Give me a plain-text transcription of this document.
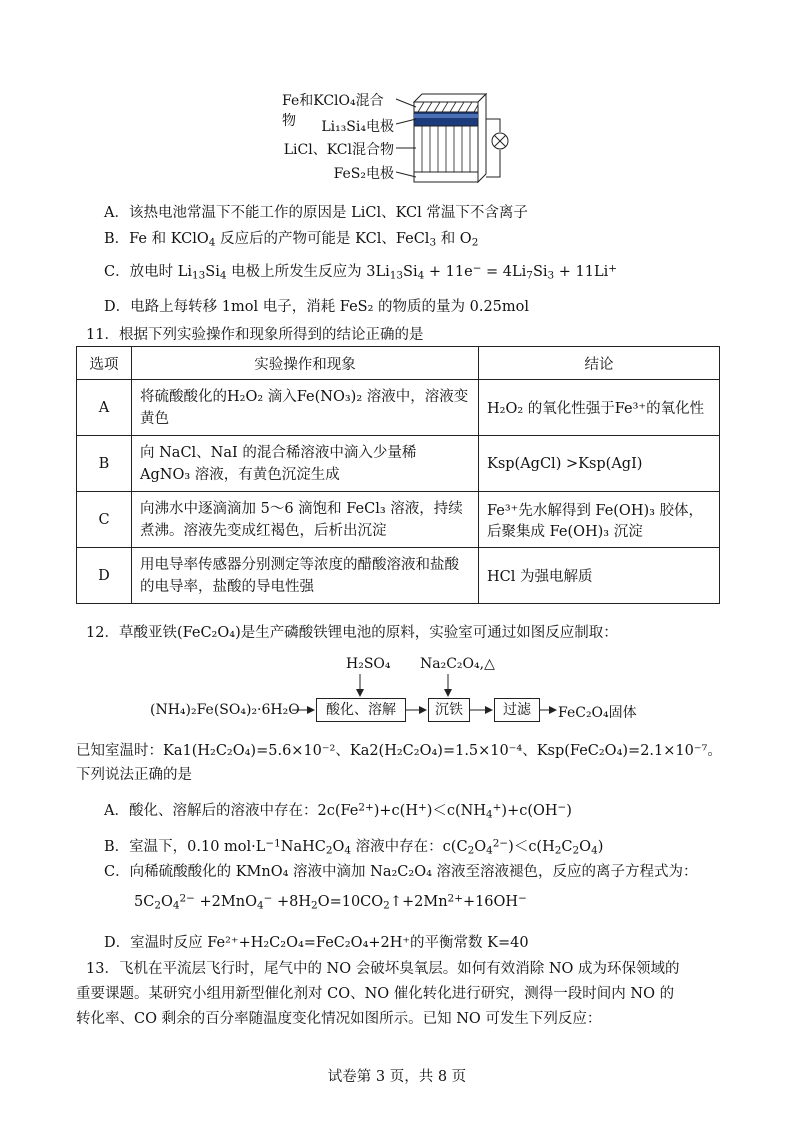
Fe和KClO₄混合物	Li₁₃Si₄电极
LiCl、KCl混合物
FeS₂电极
A．该热电池常温下不能工作的原因是 LiCl、KCl 常温下不含离子
B．Fe 和 KClO$_4$ 反应后的产物可能是 KCl、FeCl$_3$ 和 $O_2$
C．放电时 $Li_{13}Si_4$ 电极上所发生反应为 $3Li_{13}Si_4 + 11e^- = 4Li_7Si_3 + 11Li^+$
D．电路上每转移 1mol 电子，消耗 FeS₂ 的物质的量为 0.25mol
11．根据下列实验操作和现象所得到的结论正确的是
选项	实验操作和现象	结论
A	将硫酸酸化的H₂O₂ 滴入Fe(NO₃)₂ 溶液中，溶液变黄色	H₂O₂ 的氧化性强于Fe³⁺的氧化性
B	向 NaCl、NaI 的混合稀溶液中滴入少量稀 AgNO₃ 溶液，有黄色沉淀生成	Ksp(AgCl) >Ksp(AgI)
C	向沸水中逐滴滴加 5～6 滴饱和 FeCl₃ 溶液，持续煮沸。溶液先变成红褐色，后析出沉淀	Fe³⁺先水解得到 Fe(OH)₃ 胶体，后聚集成 Fe(OH)₃ 沉淀
D	用电导率传感器分别测定等浓度的醋酸溶液和盐酸的电导率，盐酸的导电性强	HCl 为强电解质
12．草酸亚铁(FeC₂O₄)是生产磷酸铁锂电池的原料，实验室可通过如图反应制取：
(NH₄)₂Fe(SO₄)₂·6H₂O
H₂SO₄
酸化、溶解
Na₂C₂O₄,△
沉铁	过滤	FeC₂O₄固体
已知室温时：Ka1(H₂C₂O₄)=5.6×10⁻²、Ka2(H₂C₂O₄)=1.5×10⁻⁴、Ksp(FeC₂O₄)=2.1×10⁻⁷。
下列说法正确的是
A．酸化、溶解后的溶液中存在：$2c(Fe^{2+})+c(H^+)<c(NH_4^+)+c(OH^-)$
B．室温下，0.10 $mol\cdot L^{-1}NaHC_2O_4$ 溶液中存在：$c(C_2O_4^{2-})<c(H_2C_2O_4)$
C．向稀硫酸酸化的 KMnO₄ 溶液中滴加 Na₂C₂O₄ 溶液至溶液褪色，反应的离子方程式为：
$5C_2O_4^{2-} +2MnO_4^-$ $+8H_2O=10CO_2↑+2Mn^{2+}+16OH^-$
D．室温时反应 Fe²⁺+H₂C₂O₄=FeC₂O₄+2H⁺的平衡常数 K=40
13．飞机在平流层飞行时，尾气中的 NO 会破坏臭氧层。如何有效消除 NO 成为环保领域的
重要课题。某研究小组用新型催化剂对 CO、NO 催化转化进行研究，测得一段时间内 NO 的
转化率、CO 剩余的百分率随温度变化情况如图所示。已知 NO 可发生下列反应：
试卷第 3 页，共 8 页
